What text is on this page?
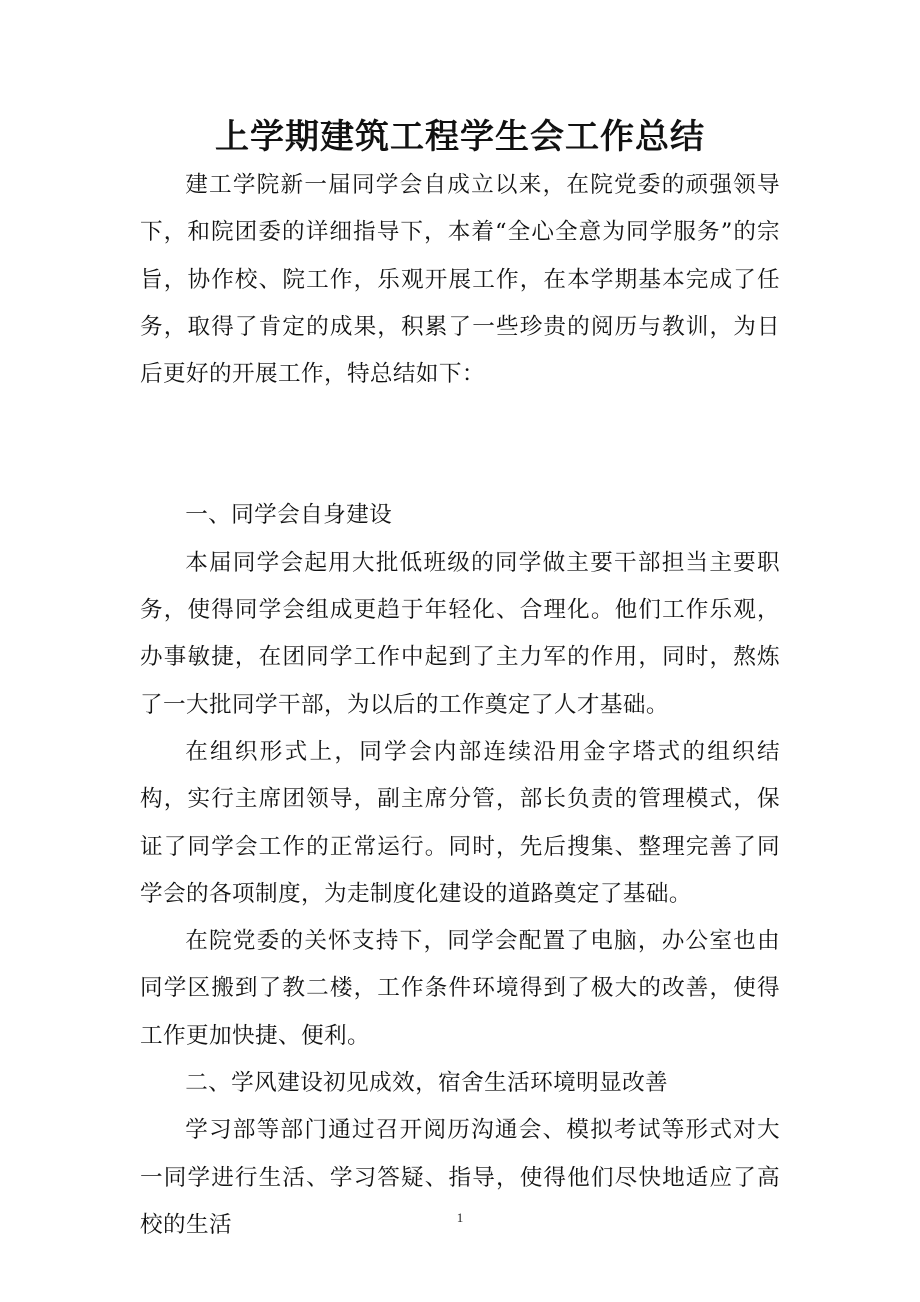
上学期建筑工程学生会工作总结

建工学院新一届同学会自成立以来，在院党委的顽强领导下，和院团委的详细指导下，本着“全心全意为同学服务”的宗旨，协作校、院工作，乐观开展工作，在本学期基本完成了任务，取得了肯定的成果，积累了一些珍贵的阅历与教训，为日后更好的开展工作，特总结如下：

一、同学会自身建设

本届同学会起用大批低班级的同学做主要干部担当主要职务，使得同学会组成更趋于年轻化、合理化。他们工作乐观，办事敏捷，在团同学工作中起到了主力军的作用，同时，熬炼了一大批同学干部，为以后的工作奠定了人才基础。

在组织形式上，同学会内部连续沿用金字塔式的组织结构，实行主席团领导，副主席分管，部长负责的管理模式，保证了同学会工作的正常运行。同时，先后搜集、整理完善了同学会的各项制度，为走制度化建设的道路奠定了基础。

在院党委的关怀支持下，同学会配置了电脑，办公室也由同学区搬到了教二楼，工作条件环境得到了极大的改善，使得工作更加快捷、便利。

二、学风建设初见成效，宿舍生活环境明显改善

学习部等部门通过召开阅历沟通会、模拟考试等形式对大一同学进行生活、学习答疑、指导，使得他们尽快地适应了高校的生活	1
